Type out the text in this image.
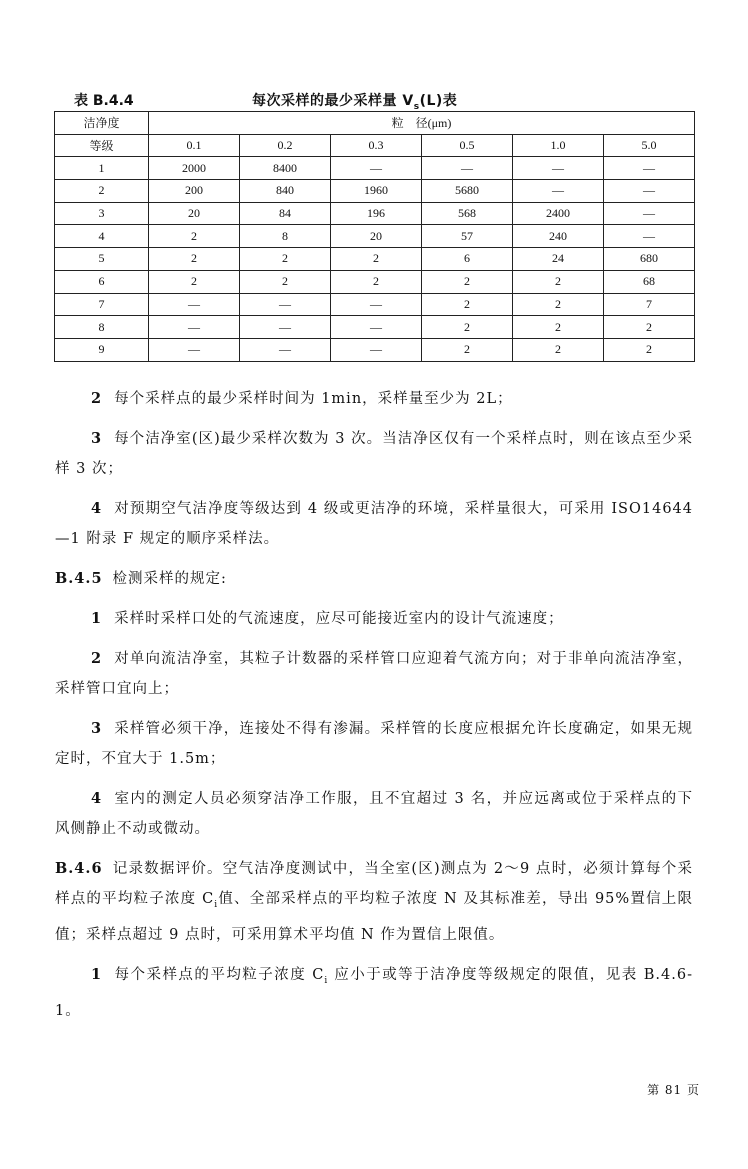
表 B.4.4	每次采样的最少采样量 $V_s(L)$表
洁净度	粒    径(μm)					
等级	0.1	0.2	0.3	0.5	1.0	5.0
1	2000	8400	—	—	—	—
2	200	840	1960	5680	—	—
3	20	84	196	568	2400	—
4	2	8	20	57	240	—
5	2	2	2	6	24	680
6	2	2	2	2	2	68
7	—	—	—	2	2	7
8	—	—	—	2	2	2
9	—	—	—	2	2	2

2 每个采样点的最少采样时间为 1min，采样量至少为 2L；

3 每个洁净室(区)最少采样次数为 3 次。当洁净区仅有一个采样点时，则在该点至少采样 3 次；

4 对预期空气洁净度等级达到 4 级或更洁净的环境，采样量很大，可采用 ISO14644—1 附录 F 规定的顺序采样法。

B.4.5 检测采样的规定:

1 采样时采样口处的气流速度，应尽可能接近室内的设计气流速度；

2 对单向流洁净室，其粒子计数器的采样管口应迎着气流方向；对于非单向流洁净室，采样管口宜向上；

3 采样管必须干净，连接处不得有渗漏。采样管的长度应根据允许长度确定，如果无规定时，不宜大于 1.5m；

4 室内的测定人员必须穿洁净工作服，且不宜超过 3 名，并应远离或位于采样点的下风侧静止不动或微动。

B.4.6 记录数据评价。空气洁净度测试中，当全室(区)测点为 2～9 点时，必须计算每个采样点的平均粒子浓度 $C_i$值、全部采样点的平均粒子浓度 N 及其标准差，导出 95%置信上限值；采样点超过 9 点时，可采用算术平均值 N 作为置信上限值。

1 每个采样点的平均粒子浓度 $C_i$ 应小于或等于洁净度等级规定的限值，见表 B.4.6-1。

第 81 页
